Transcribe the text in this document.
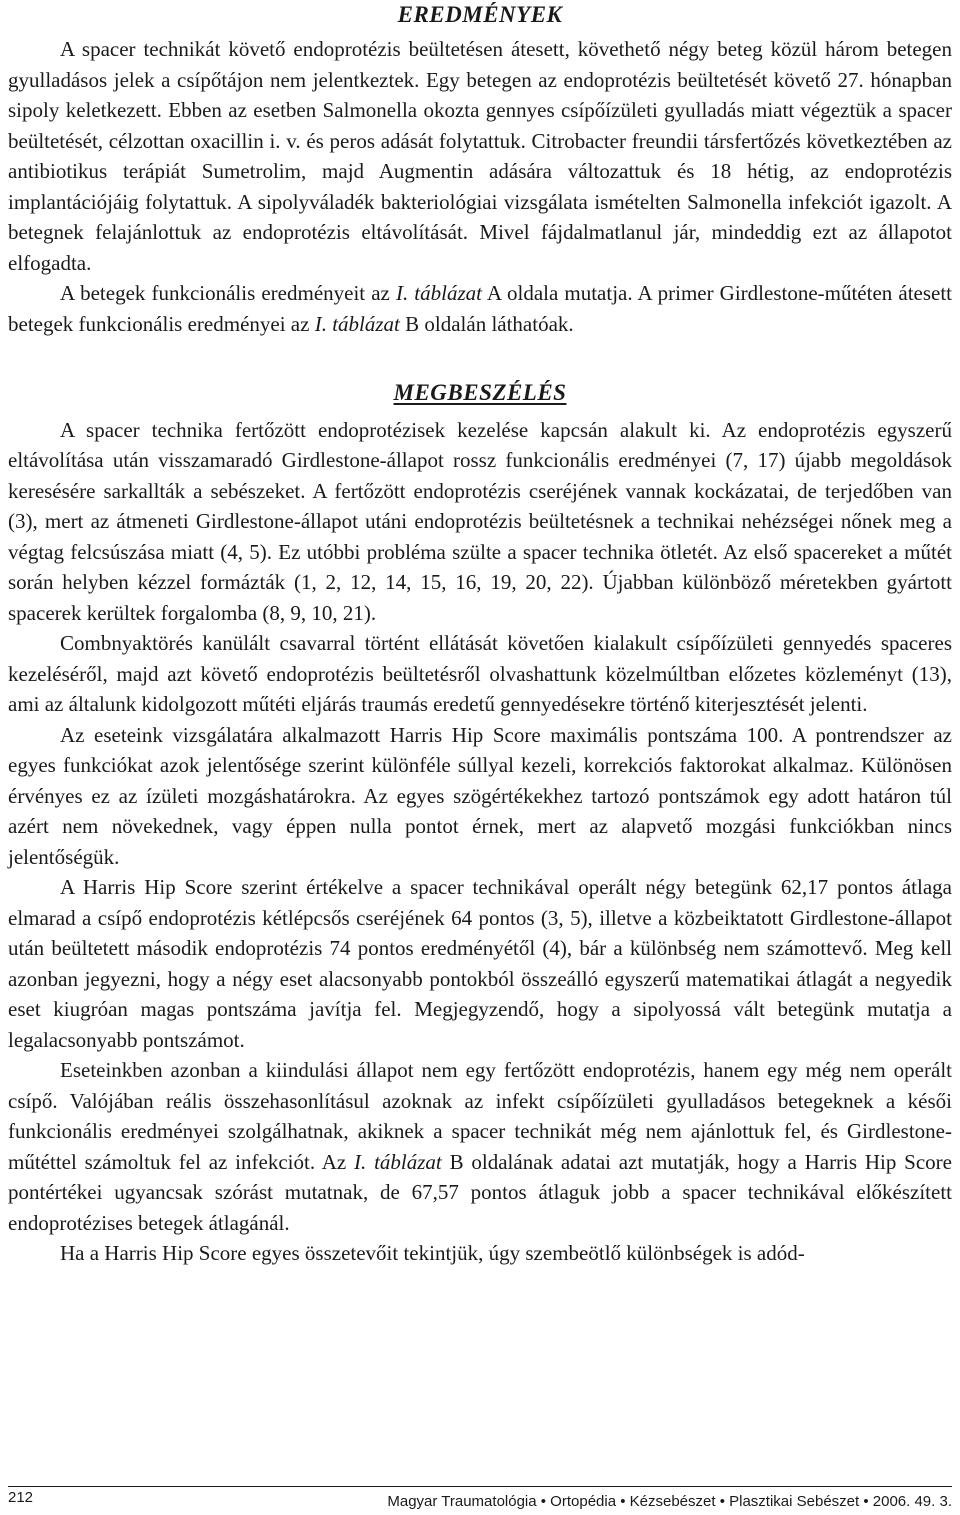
EREDMÉNYEK

A spacer technikát követő endoprotézis beültetésen átesett, követhető négy beteg közül három betegen gyulladásos jelek a csípőtájon nem jelentkeztek. Egy betegen az endoprotézis beültetését követő 27. hónapban sipoly keletkezett. Ebben az esetben Salmonella okozta gennyes csípőízületi gyulladás miatt végeztük a spacer beültetését, célzottan oxacillin i. v. és peros adását folytattuk. Citrobacter freundii társfertőzés következtében az antibiotikus terápiát Sumetrolim, majd Augmentin adására változattuk és 18 hétig, az endoprotézis implantációjáig folytattuk. A sipolyváladék bakteriológiai vizsgálata ismételten Salmonella infekciót igazolt. A betegnek felajánlottuk az endoprotézis eltávolítását. Mivel fájdalmatlanul jár, mindeddig ezt az állapotot elfogadta.

A betegek funkcionális eredményeit az I. táblázat A oldala mutatja. A primer Girdlestone-műtéten átesett betegek funkcionális eredményei az I. táblázat B oldalán láthatóak.

MEGBESZÉLÉS

A spacer technika fertőzött endoprotézisek kezelése kapcsán alakult ki. Az endoprotézis egyszerű eltávolítása után visszamaradó Girdlestone-állapot rossz funkcionális eredményei (7, 17) újabb megoldások keresésére sarkallták a sebészeket. A fertőzött endoprotézis cseréjének vannak kockázatai, de terjedőben van (3), mert az átmeneti Girdlestone-állapot utáni endoprotézis beültetésnek a technikai nehézségei nőnek meg a végtag felcsúszása miatt (4, 5). Ez utóbbi probléma szülte a spacer technika ötletét. Az első spacereket a műtét során helyben kézzel formázták (1, 2, 12, 14, 15, 16, 19, 20, 22). Újabban különböző méretekben gyártott spacerek kerültek forgalomba (8, 9, 10, 21).

Combnyaktörés kanülált csavarral történt ellátását követően kialakult csípőízületi gennyedés spaceres kezeléséről, majd azt követő endoprotézis beültetésről olvashattunk közelmúltban előzetes közleményt (13), ami az általunk kidolgozott műtéti eljárás traumás eredetű gennyedésekre történő kiterjesztését jelenti.

Az eseteink vizsgálatára alkalmazott Harris Hip Score maximális pontszáma 100. A pontrendszer az egyes funkciókat azok jelentősége szerint különféle súllyal kezeli, korrekciós faktorokat alkalmaz. Különösen érvényes ez az ízületi mozgáshatárokra. Az egyes szögértékekhez tartozó pontszámok egy adott határon túl azért nem növekednek, vagy éppen nulla pontot érnek, mert az alapvető mozgási funkciókban nincs jelentőségük.

A Harris Hip Score szerint értékelve a spacer technikával operált négy betegünk 62,17 pontos átlaga elmarad a csípő endoprotézis kétlépcsős cseréjének 64 pontos (3, 5), illetve a közbeiktatott Girdlestone-állapot után beültetett második endoprotézis 74 pontos eredményétől (4), bár a különbség nem számottevő. Meg kell azonban jegyezni, hogy a négy eset alacsonyabb pontokból összeálló egyszerű matematikai átlagát a negyedik eset kiugróan magas pontszáma javítja fel. Megjegyzendő, hogy a sipolyossá vált betegünk mutatja a legalacsonyabb pontszámot.

Eseteinkben azonban a kiindulási állapot nem egy fertőzött endoprotézis, hanem egy még nem operált csípő. Valójában reális összehasonlításul azoknak az infekt csípőízületi gyulladásos betegeknek a késői funkcionális eredményei szolgálhatnak, akiknek a spacer technikát még nem ajánlottuk fel, és Girdlestone-műtéttel számoltuk fel az infekciót. Az I. táblázat B oldalának adatai azt mutatják, hogy a Harris Hip Score pontértékei ugyancsak szórást mutatnak, de 67,57 pontos átlaguk jobb a spacer technikával előkészített endoprotézises betegek átlagánál.

Ha a Harris Hip Score egyes összetevőit tekintjük, úgy szembeötlő különbségek is adód-

212	Magyar Traumatológia • Ortopédia • Kézsebészet • Plasztikai Sebészet • 2006. 49. 3.
